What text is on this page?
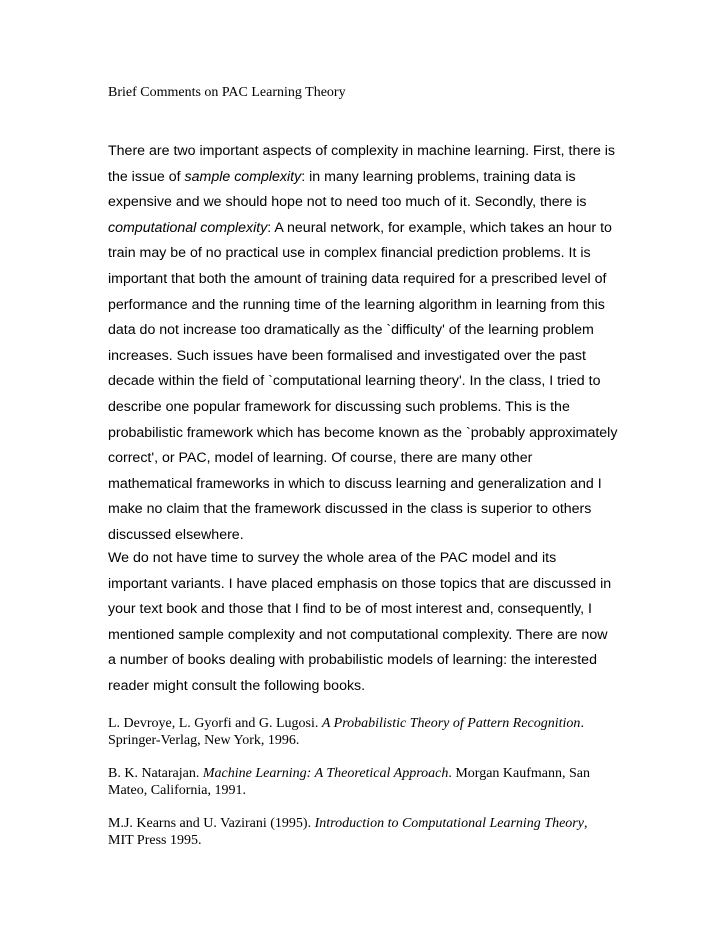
Brief Comments on PAC Learning Theory
There are two important aspects of complexity in machine learning. First, there is
the issue of sample complexity: in many learning problems, training data is
expensive and we should hope not to need too much of it. Secondly, there is
computational complexity: A neural network, for example, which takes an hour to
train may be of no practical use in complex financial prediction problems. It is
important that both the amount of training data required for a prescribed level of
performance and the running time of the learning algorithm in learning from this
data do not increase too dramatically as the `difficulty' of the learning problem
increases. Such issues have been formalised and investigated over the past
decade within the field of `computational learning theory'. In the class, I tried to
describe one popular framework for discussing such problems. This is the
probabilistic framework which has become known as the `probably approximately
correct', or PAC, model of learning. Of course, there are many other
mathematical frameworks in which to discuss learning and generalization and I
make no claim that the framework discussed in the class is superior to others
discussed elsewhere.
We do not have time to survey the whole area of the PAC model and its
important variants. I have placed emphasis on those topics that are discussed in
your text book and those that I find to be of most interest and, consequently, I
mentioned sample complexity and not computational complexity. There are now
a number of books dealing with probabilistic models of learning: the interested
reader might consult the following books.
L. Devroye, L. Gyorfi and G. Lugosi. A Probabilistic Theory of Pattern Recognition.
Springer-Verlag, New York, 1996.
B. K. Natarajan. Machine Learning: A Theoretical Approach. Morgan Kaufmann, San
Mateo, California, 1991.
M.J. Kearns and U. Vazirani (1995). Introduction to Computational Learning Theory,
MIT Press 1995.
